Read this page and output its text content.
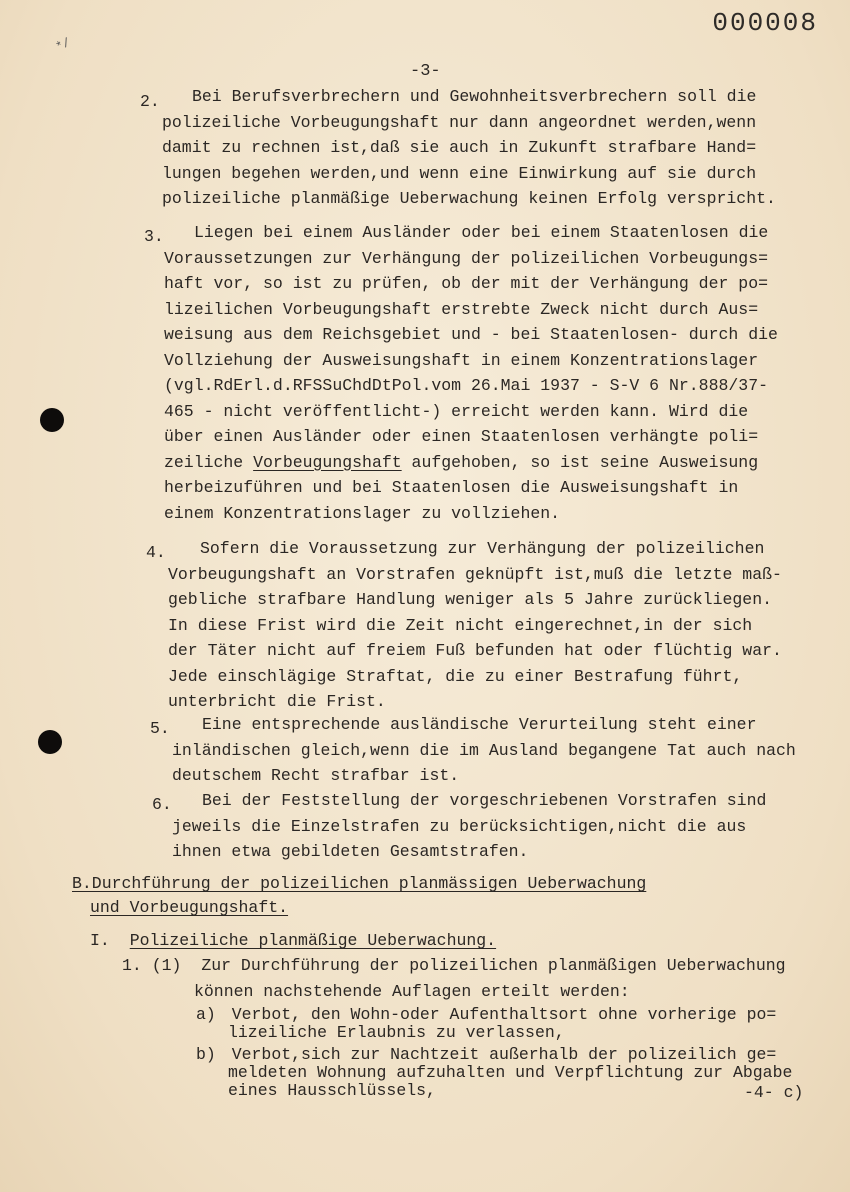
*/
000008
-3-
2.	Bei Berufsverbrechern und Gewohnheitsverbrechern soll die
polizeiliche Vorbeugungshaft nur dann angeordnet werden,wenn
damit zu rechnen ist,daß sie auch in Zukunft strafbare Hand=
lungen begehen werden,und wenn eine Einwirkung auf sie durch
polizeiliche planmäßige Ueberwachung keinen Erfolg verspricht.
3.	Liegen bei einem Ausländer oder bei einem Staatenlosen die
Voraussetzungen zur Verhängung der polizeilichen Vorbeugungs=
haft vor, so ist zu prüfen, ob der mit der Verhängung der po=
lizeilichen Vorbeugungshaft erstrebte Zweck nicht durch Aus=
weisung aus dem Reichsgebiet und - bei Staatenlosen- durch die
Vollziehung der Ausweisungshaft in einem Konzentrationslager
(vgl.RdErl.d.RFSSuChdDtPol.vom 26.Mai 1937 - S-V 6 Nr.888/37-
465 - nicht veröffentlicht-) erreicht werden kann. Wird die
über einen Ausländer oder einen Staatenlosen verhängte poli=
zeiliche Vorbeugungshaft aufgehoben, so ist seine Ausweisung
herbeizuführen und bei Staatenlosen die Ausweisungshaft in
einem Konzentrationslager zu vollziehen.
4.	Sofern die Voraussetzung zur Verhängung der polizeilichen
Vorbeugungshaft an Vorstrafen geknüpft ist,muß die letzte maß-
gebliche strafbare Handlung weniger als 5 Jahre zurückliegen.
In diese Frist wird die Zeit nicht eingerechnet,in der sich
der Täter nicht auf freiem Fuß befunden hat oder flüchtig war.
Jede einschlägige Straftat, die zu einer Bestrafung führt,
unterbricht die Frist.
5.	Eine entsprechende ausländische Verurteilung steht einer
inländischen gleich,wenn die im Ausland begangene Tat auch nach
deutschem Recht strafbar ist.
6.	Bei der Feststellung der vorgeschriebenen Vorstrafen sind
jeweils die Einzelstrafen zu berücksichtigen,nicht die aus
ihnen etwa gebildeten Gesamtstrafen.
B.Durchführung der polizeilichen planmässigen Ueberwachung
und Vorbeugungshaft.
I. Polizeiliche planmäßige Ueberwachung.
1. (1) Zur Durchführung der polizeilichen planmäßigen Ueberwachung
können nachstehende Auflagen erteilt werden:
a) Verbot, den Wohn-oder Aufenthaltsort ohne vorherige po=
lizeiliche Erlaubnis zu verlassen,
b) Verbot,sich zur Nachtzeit außerhalb der polizeilich ge=
meldeten Wohnung aufzuhalten und Verpflichtung zur Abgabe
eines Hausschlüssels,	-4- c)
